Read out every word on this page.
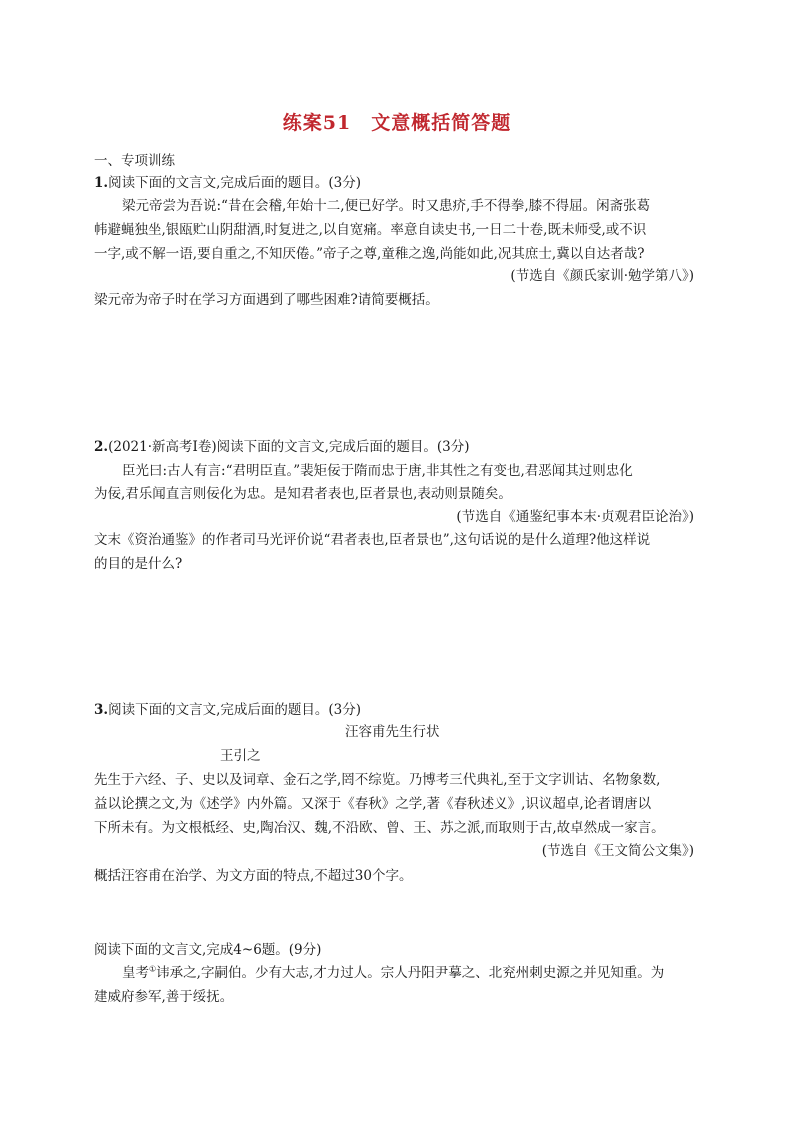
练案51　文意概括简答题
一、专项训练
1.阅读下面的文言文,完成后面的题目。(3分)
梁元帝尝为吾说:“昔在会稽,年始十二,便已好学。时又患疥,手不得拳,膝不得屈。闲斋张葛
帏避蝇独坐,银瓯贮山阴甜酒,时复进之,以自宽痛。率意自读史书,一日二十卷,既未师受,或不识
一字,或不解一语,要自重之,不知厌倦。”帝子之尊,童稚之逸,尚能如此,况其庶士,冀以自达者哉?
(节选自《颜氏家训·勉学第八》)
梁元帝为帝子时在学习方面遇到了哪些困难?请简要概括。
2.(2021·新高考Ⅰ卷)阅读下面的文言文,完成后面的题目。(3分)
臣光曰:古人有言:“君明臣直。”裴矩佞于隋而忠于唐,非其性之有变也,君恶闻其过则忠化
为佞,君乐闻直言则佞化为忠。是知君者表也,臣者景也,表动则景随矣。
(节选自《通鉴纪事本末·贞观君臣论治》)
文末《资治通鉴》的作者司马光评价说“君者表也,臣者景也”,这句话说的是什么道理?他这样说
的目的是什么?
3.阅读下面的文言文,完成后面的题目。(3分)
汪容甫先生行状
王引之
先生于六经、子、史以及词章、金石之学,罔不综览。乃博考三代典礼,至于文字训诂、名物象数,
益以论撰之文,为《述学》内外篇。又深于《春秋》之学,著《春秋述义》,识议超卓,论者谓唐以
下所未有。为文根柢经、史,陶冶汉、魏,不沿欧、曾、王、苏之派,而取则于古,故卓然成一家言。
(节选自《王文简公文集》)
概括汪容甫在治学、为文方面的特点,不超过30个字。
阅读下面的文言文,完成4~6题。(9分)
皇考①讳承之,字嗣伯。少有大志,才力过人。宗人丹阳尹摹之、北兖州刺史源之并见知重。为
建威府参军,善于绥抚。
